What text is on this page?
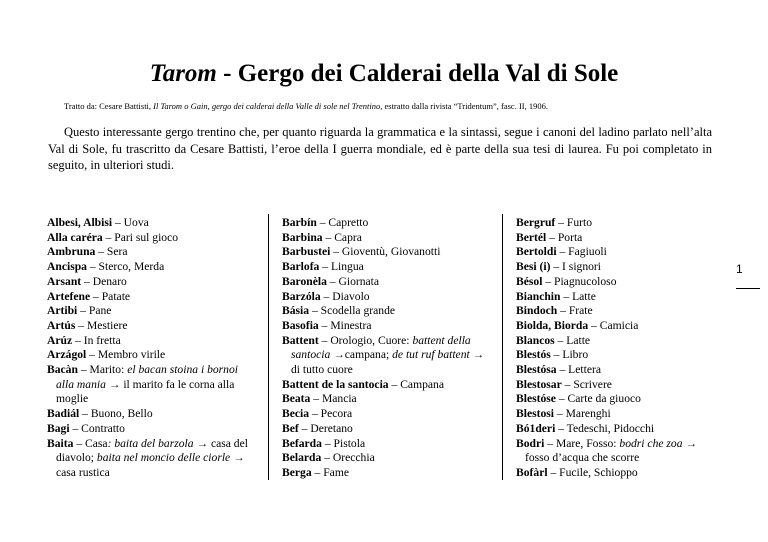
Tarom - Gergo dei Calderai della Val di Sole
Tratto da: Cesare Battisti, Il Tarom o Gain, gergo dei calderai della Valle di sole nel Trentino, estratto dalla rivista “Tridentum”, fasc. II, 1906.
Questo interessante gergo trentino che, per quanto riguarda la grammatica e la sintassi, segue i canoni del ladino parlato nell’alta Val di Sole, fu trascritto da Cesare Battisti, l’eroe della I guerra mondiale, ed è parte della sua tesi di laurea. Fu poi completato in seguito, in ulteriori studi.
Albesi, Albisi – Uova
Alla caréra – Pari sul gioco
Ambruna – Sera
Ancispa – Sterco, Merda
Arsant – Denaro
Artefene – Patate
Artibi – Pane
Artús – Mestiere
Arúz – In fretta
Arzágol – Membro virile
Bacàn – Marito: el bacan stoina i bornoi alla mania → il marito fa le corna alla moglie
Badiál – Buono, Bello
Bagi – Contratto
Baita – Casa: baita del barzola → casa del diavolo; baita nel moncio delle ciorle → casa rustica
Barbín – Capretto
Barbina – Capra
Barbustei – Gioventù, Giovanotti
Barlofa – Lingua
Baronèla – Giornata
Barzóla – Diavolo
Básia – Scodella grande
Basofia – Minestra
Battent – Orologio, Cuore: battent della santocia →campana; de tut ruf battent → di tutto cuore
Battent de la santocia – Campana
Beata – Mancia
Becia – Pecora
Bef – Deretano
Befarda – Pistola
Belarda – Orecchia
Berga – Fame
Bergruf – Furto
Bertél – Porta
Bertoldi – Fagiuoli
Besi (i) – I signori
Bésol – Piagnucoloso
Bianchin – Latte
Bindoch – Frate
Biolda, Biorda – Camicia
Blancos – Latte
Blestós – Libro
Blestósa – Lettera
Blestosar – Scrivere
Blestóse – Carte da giuoco
Blestosi – Marenghi
Bó1deri – Tedeschi, Pidocchi
Bodri – Mare, Fosso: bodri che zoa → fosso d’acqua che scorre
Bofàrl – Fucile, Schioppo
1
